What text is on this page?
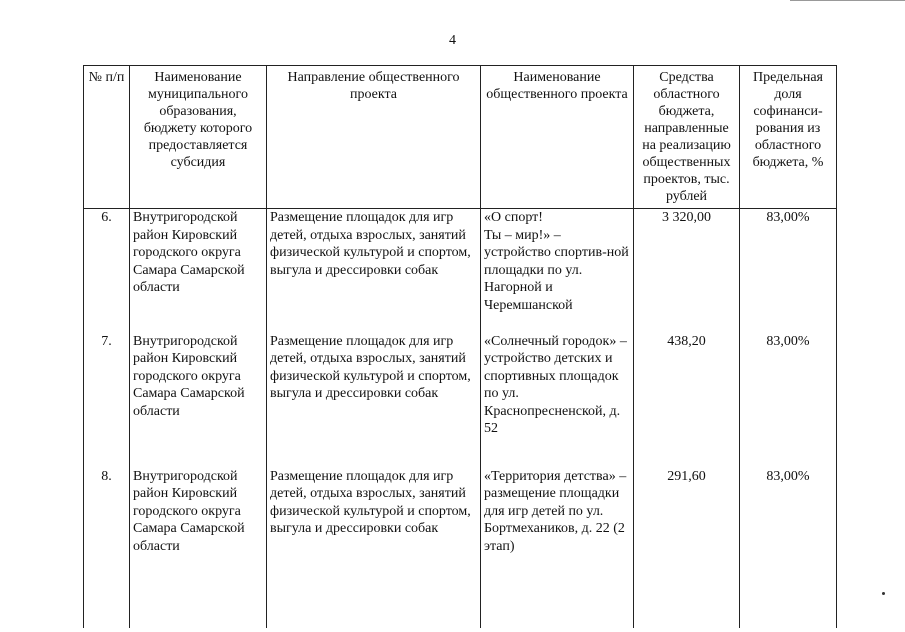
4
№ п/п	Наименование муниципального образования, бюджету которого предоставляется субсидия	Направление общественного проекта	Наименование общественного проекта	Средства областного бюджета, направленные на реализацию общественных проектов, тыс. рублей	Предельная доля софинанси-рования из областного бюджета, %
6.	Внутригородской район Кировский городского округа Самара Самарской области	Размещение площадок для игр детей, отдыха взрослых, занятий физической культурой и спортом, выгула и дрессировки собак	«О спорт!
Ты – мир!» – устройство спортив-ной площадки по ул. Нагорной и Черемшанской	3 320,00	83,00%
7.	Внутригородской район Кировский городского округа Самара Самарской области	Размещение площадок для игр детей, отдыха взрослых, занятий физической культурой и спортом, выгула и дрессировки собак	«Солнечный городок» – устройство детских и спортивных площадок по ул. Краснопресненской, д. 52	438,20	83,00%
8.	Внутригородской район Кировский городского округа Самара Самарской области	Размещение площадок для игр детей, отдыха взрослых, занятий физической культурой и спортом, выгула и дрессировки собак	«Территория детства» – размещение площадки для игр детей по ул. Бортмехаников, д. 22 (2 этап)	291,60	83,00%
